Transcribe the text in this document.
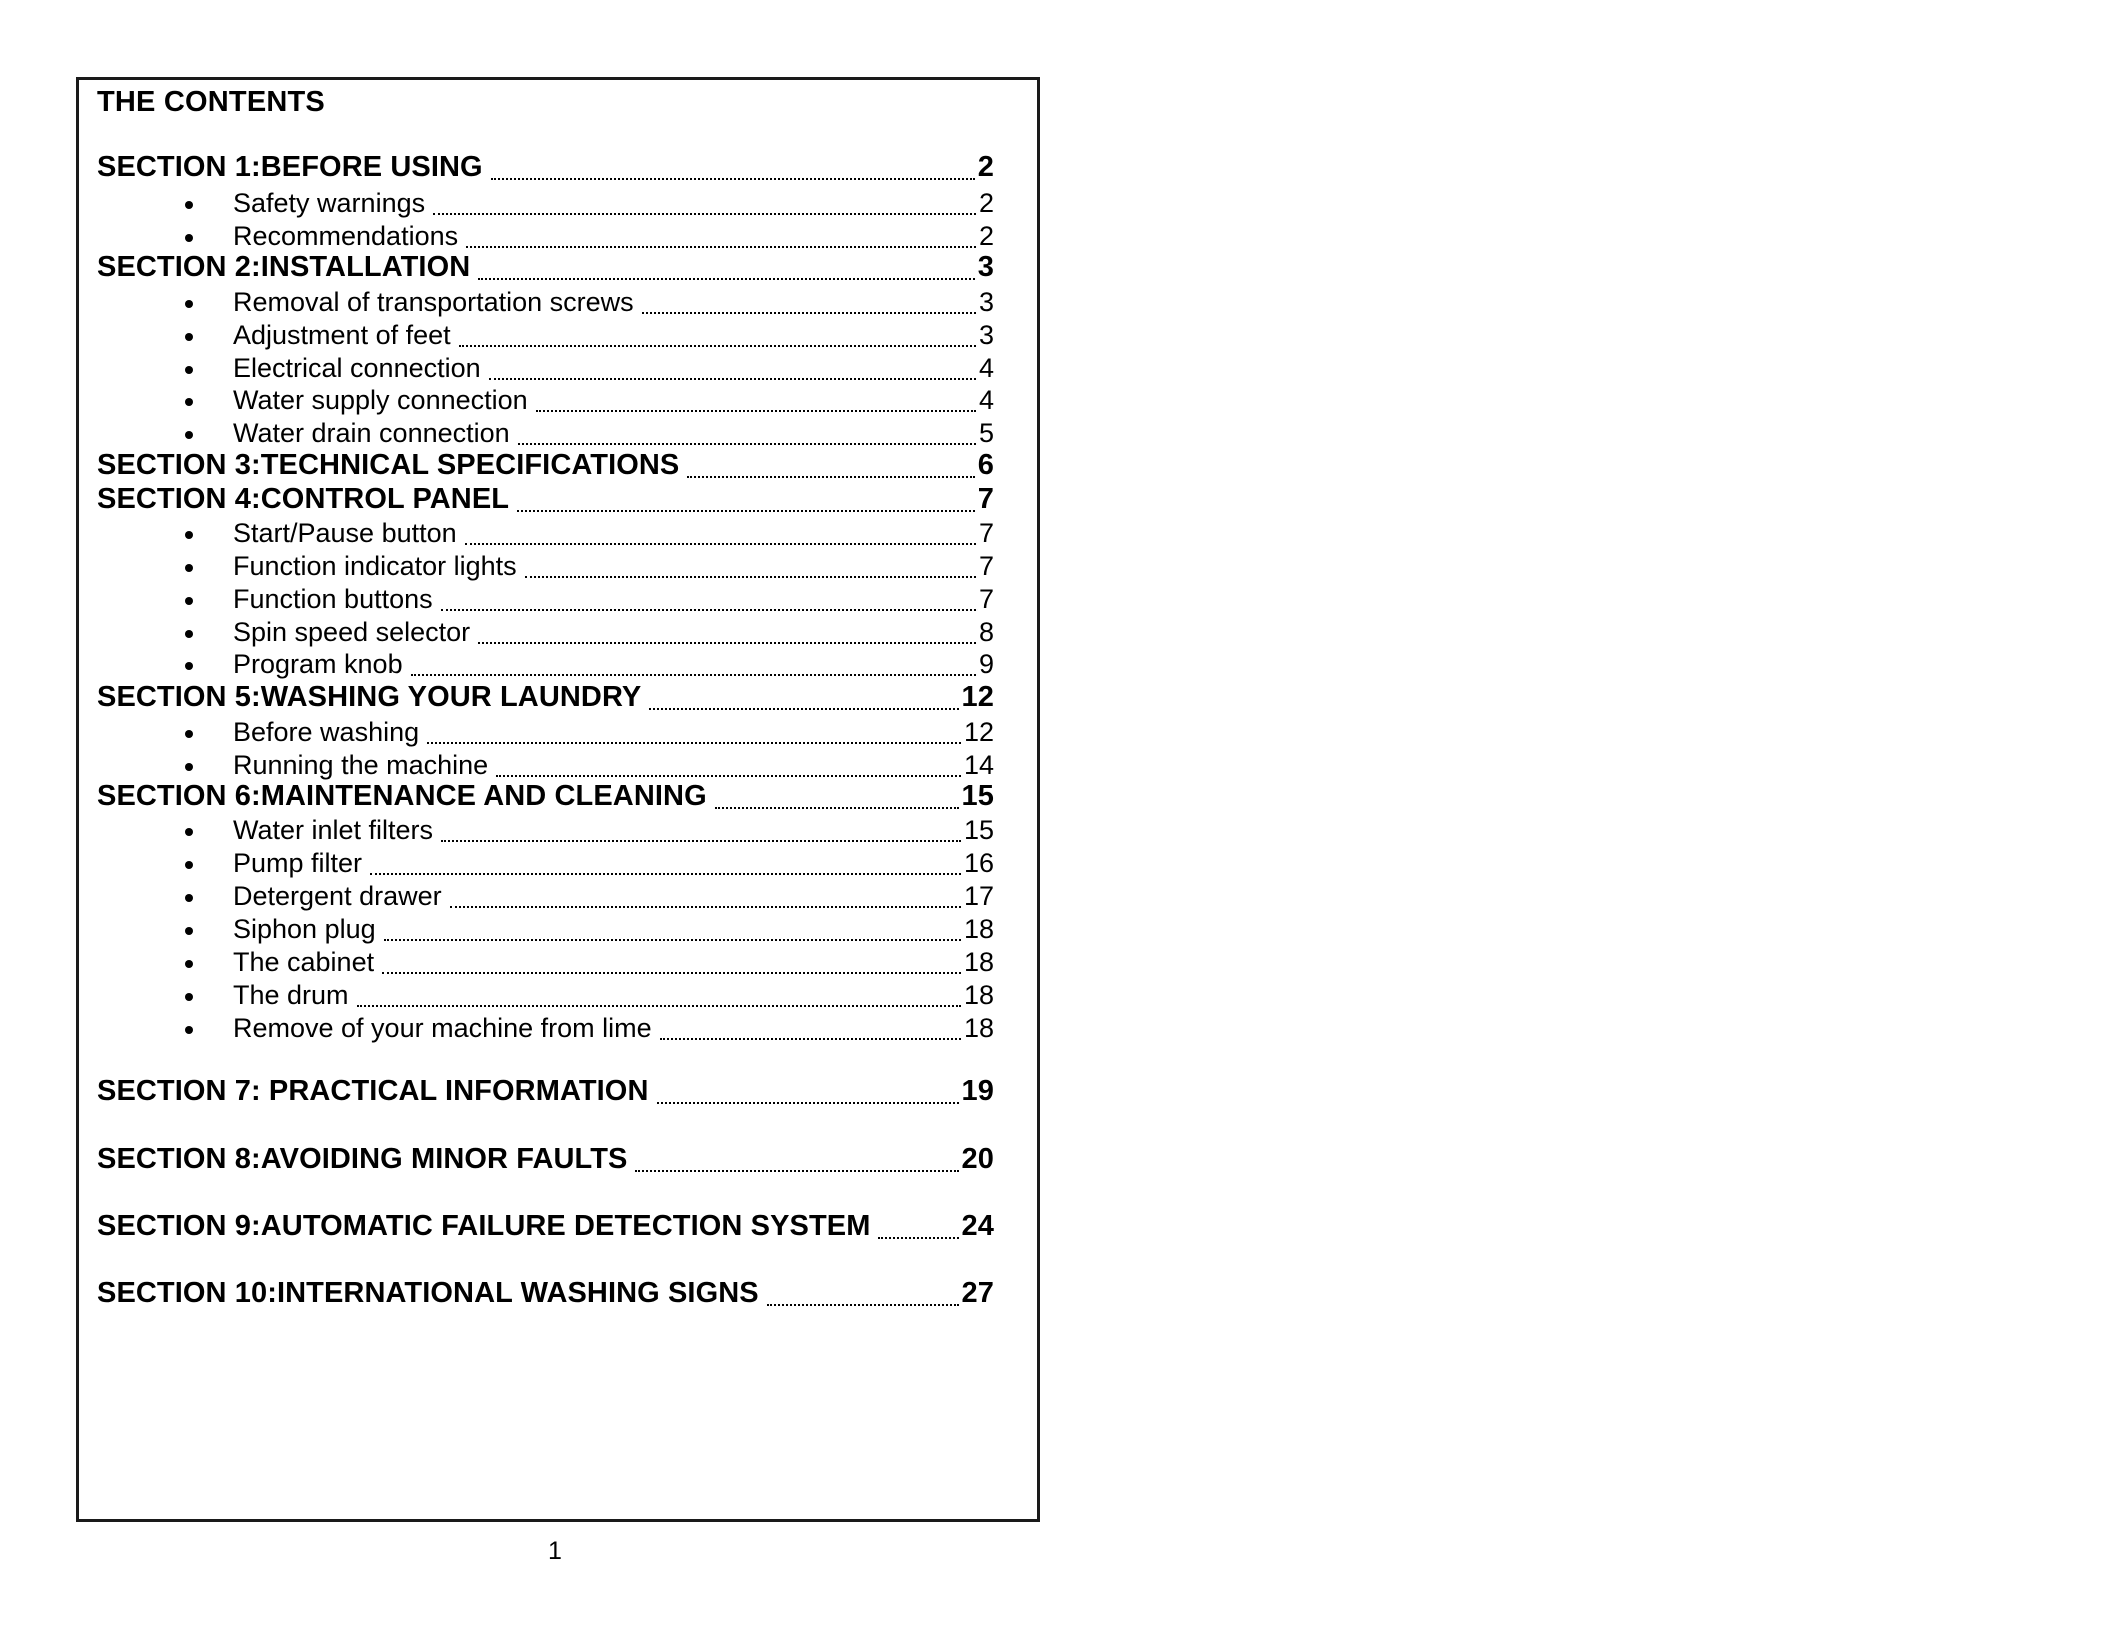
THE CONTENTS
SECTION 1:BEFORE USING	2
Safety warnings	2
Recommendations	2
SECTION 2:INSTALLATION	3
Removal of transportation screws	3
Adjustment of feet	3
Electrical connection	4
Water supply connection	4
Water drain connection	5
SECTION 3:TECHNICAL SPECIFICATIONS	6
SECTION 4:CONTROL PANEL	7
Start/Pause button	7
Function indicator lights	7
Function buttons	7
Spin speed selector	8
Program knob	9
SECTION 5:WASHING YOUR LAUNDRY	12
Before washing	12
Running the machine	14
SECTION 6:MAINTENANCE AND CLEANING	15
Water inlet filters	15
Pump filter	16
Detergent drawer	17
Siphon plug	18
The cabinet	18
The drum	18
Remove of your machine from lime	18
SECTION 7: PRACTICAL INFORMATION	19
SECTION 8:AVOIDING MINOR FAULTS	20
SECTION 9:AUTOMATIC FAILURE DETECTION SYSTEM	24
SECTION 10:INTERNATIONAL WASHING SIGNS	27
1
